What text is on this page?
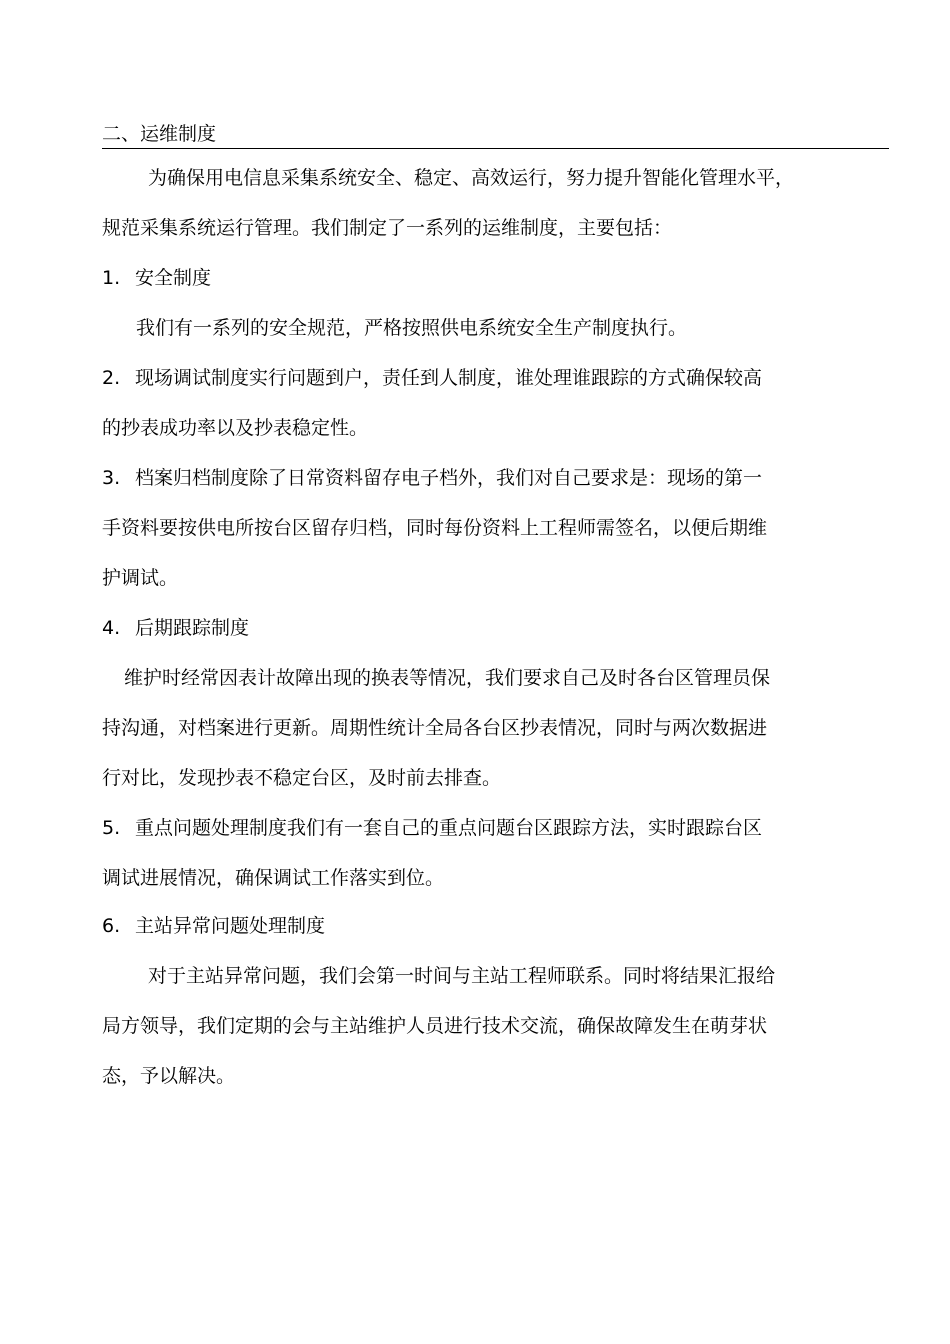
二、运维制度
为确保用电信息采集系统安全、稳定、高效运行，努力提升智能化管理水平，
规范采集系统运行管理。我们制定了一系列的运维制度，主要包括：
1. 安全制度
我们有一系列的安全规范，严格按照供电系统安全生产制度执行。
2. 现场调试制度实行问题到户，责任到人制度，谁处理谁跟踪的方式确保较高
的抄表成功率以及抄表稳定性。
3. 档案归档制度除了日常资料留存电子档外，我们对自己要求是：现场的第一
手资料要按供电所按台区留存归档，同时每份资料上工程师需签名，以便后期维
护调试。
4. 后期跟踪制度
维护时经常因表计故障出现的换表等情况，我们要求自己及时各台区管理员保
持沟通，对档案进行更新。周期性统计全局各台区抄表情况，同时与两次数据进
行对比，发现抄表不稳定台区，及时前去排查。
5. 重点问题处理制度我们有一套自己的重点问题台区跟踪方法，实时跟踪台区
调试进展情况，确保调试工作落实到位。
6. 主站异常问题处理制度
对于主站异常问题，我们会第一时间与主站工程师联系。同时将结果汇报给
局方领导，我们定期的会与主站维护人员进行技术交流，确保故障发生在萌芽状
态，予以解决。
